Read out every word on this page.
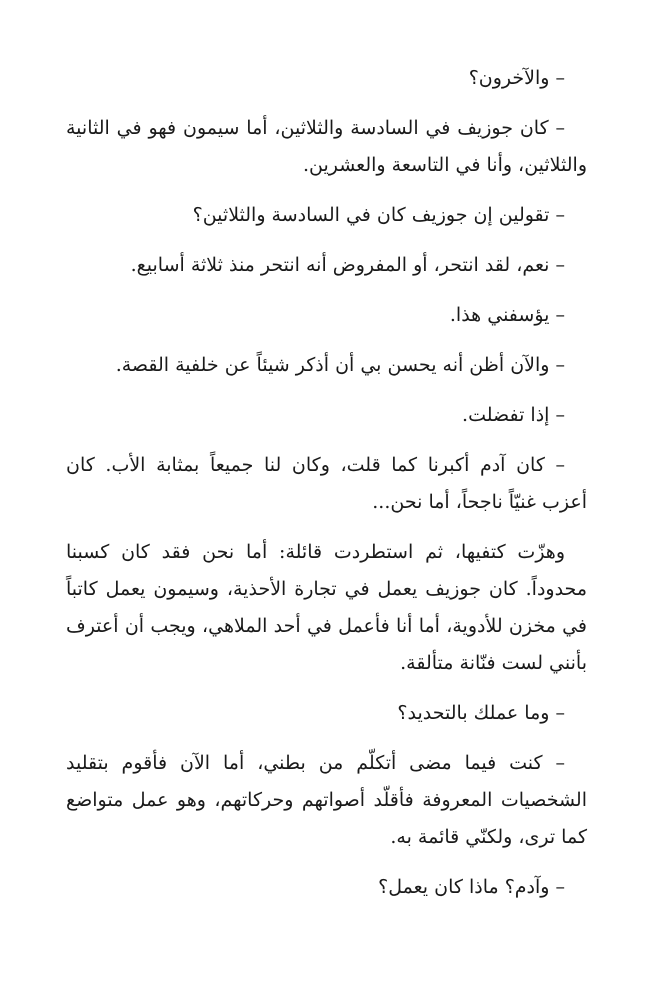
– والآخرون؟

– كان جوزيف في السادسة والثلاثين، أما سيمون فهو في الثانية والثلاثين، وأنا في التاسعة والعشرين.

– تقولين إن جوزيف كان في السادسة والثلاثين؟

– نعم، لقد انتحر، أو المفروض أنه انتحر منذ ثلاثة أسابيع.

– يؤسفني هذا.

– والآن أظن أنه يحسن بي أن أذكر شيئاً عن خلفية القصة.

– إذا تفضلت.

– كان آدم أكبرنا كما قلت، وكان لنا جميعاً بمثابة الأب. كان أعزب غنيّاً ناجحاً، أما نحن...

وهزّت كتفيها، ثم استطردت قائلة: أما نحن فقد كان كسبنا محدوداً. كان جوزيف يعمل في تجارة الأحذية، وسيمون يعمل كاتباً في مخزن للأدوية، أما أنا فأعمل في أحد الملاهي، ويجب أن أعترف بأنني لست فنّانة متألقة.

– وما عملك بالتحديد؟

– كنت فيما مضى أتكلّم من بطني، أما الآن فأقوم بتقليد الشخصيات المعروفة فأقلّد أصواتهم وحركاتهم، وهو عمل متواضع كما ترى، ولكنّي قائمة به.

– وآدم؟ ماذا كان يعمل؟
